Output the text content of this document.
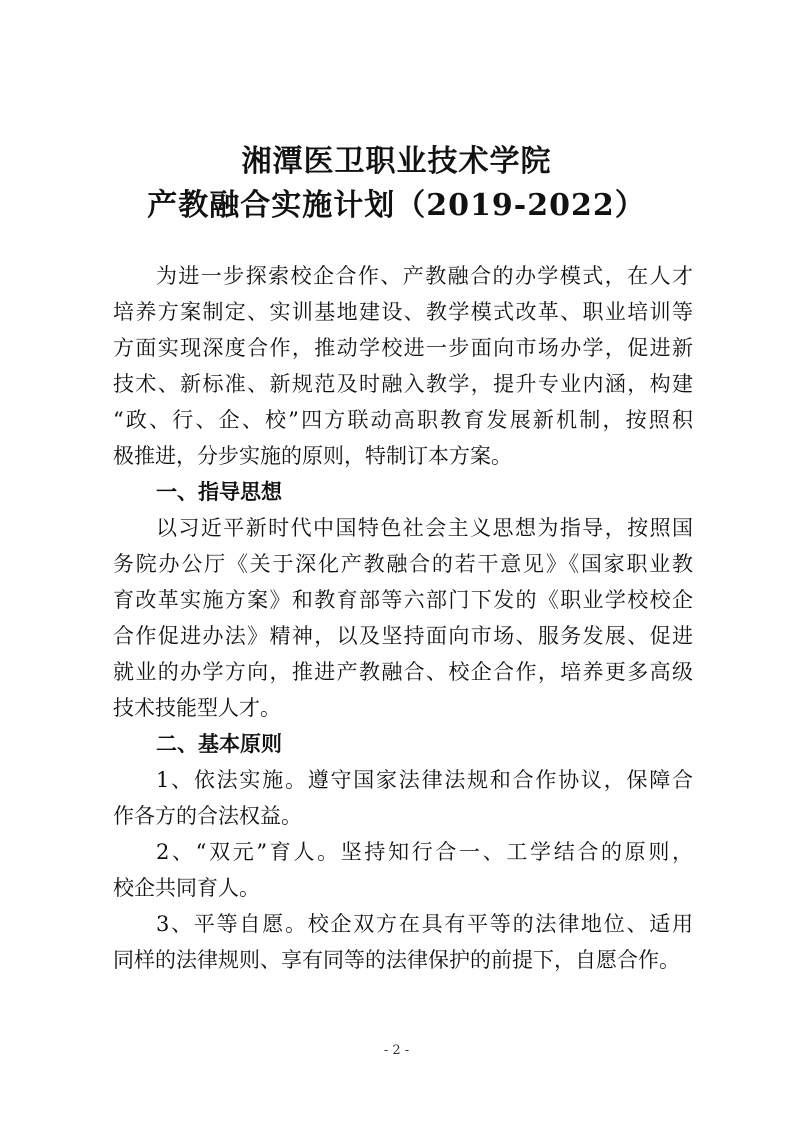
湘潭医卫职业技术学院
产教融合实施计划（2019-2022）
为进一步探索校企合作、产教融合的办学模式，在人才
培养方案制定、实训基地建设、教学模式改革、职业培训等
方面实现深度合作，推动学校进一步面向市场办学，促进新
技术、新标准、新规范及时融入教学，提升专业内涵，构建
“政、行、企、校”四方联动高职教育发展新机制，按照积
极推进，分步实施的原则，特制订本方案。
一、指导思想
以习近平新时代中国特色社会主义思想为指导，按照国
务院办公厅《关于深化产教融合的若干意见》《国家职业教
育改革实施方案》和教育部等六部门下发的《职业学校校企
合作促进办法》精神，以及坚持面向市场、服务发展、促进
就业的办学方向，推进产教融合、校企合作，培养更多高级
技术技能型人才。
二、基本原则
1、依法实施。遵守国家法律法规和合作协议，保障合
作各方的合法权益。
2、“双元”育人。坚持知行合一、工学结合的原则，
校企共同育人。
3、平等自愿。校企双方在具有平等的法律地位、适用
同样的法律规则、享有同等的法律保护的前提下，自愿合作。
- 2 -
